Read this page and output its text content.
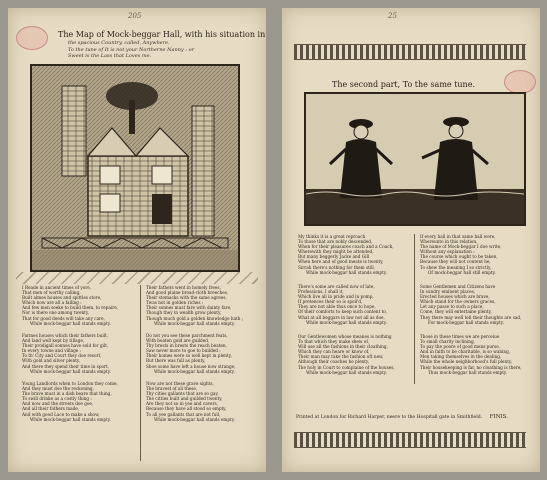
205
The Map of Mock-beggar Hall, with his situation in
the spacious Country, called, Anywhere.
To the tune of It is not your Northerne Nanny : or
Sweet is the Lass that Loves me.

I Reade in ancient times of yore,

That men of worthy calling,

Built almes houses and spittles store,

Which now are all a falling :

And few men seeke to build them, to repaire,

Nor is there one among twenty,

That for good deeds will take any care,

While mock-beggar hall stands empty.

Farmes houses which their fathers built,

And land well kept by tillage,

Their prodigall sonnes have sold for gilt,

In every towne and village :

To th' City and Court they doe resort,

With gold and silver plenty,

And there they spend their time in sport,

While mock-beggar hall stands empty.

Young Landlords when to London they come,

And they must doe the reckoning,

The brave must in a dish beare that thing,

To swill drinke as a costly thing :

And now and the streets doe goe,

And all their fathers made,

And with good Lace to make a show,

While mock-beggar hall stands empty.

Their fathers went in homely frees,

And good plaine broad-cloth breeches,

Their stomacks with the same agrees,

Twas not in golden riches :

Their sonnes must fare with dainty fare,

Though they in wealth grow plenty,

Though much gold a golden knowledge hath ;

While mock-beggar hall stands empty.

Do not you see these parchment feats,

With beaten gold are guilded,

Thy brests in brests the reach beaten,

Saw never more to goe to builded :

Their homes were so well kept in plenty,

But there was full as plenty,

Shoe some have left a house now strange,

While mock-beggar hall stands empty.

Now are not these grave sights,

The bravest of all these,

Thy cities gallants that are so gay,

The citties built and guilded twenty,

Are they not so in yee and cavers,

Because they have all stood so empty,

To all yee gallants that are not full,

While mock-beggar hall stands empty.

25
The second part, To the same tune.

My thinks it is a great reproach

To those that are nobly descended,

When for their pleasures coach and a Coach,

Wherewith they might be attended,

But many beggerly Jacke and Gill

When here and of good meate is twenty,

Sirrah there's nothing for them still,

While mock-beggar hall stands empty.

There's some are called now of late,

Professions, I shall it,

Which live all in pride and in pomp,

If pretences their so is spoil'd,

They are not able thus once to hope,

Of their comforts to keep such content to,

What at all beggars in law not all as doe,

While mock-beggar hall stands empty.

Our Gentlewomen whose meanes is nothing

To that which they make shew of,

Will use all the fashions in their cloathing,

Which they can heare or know of,

Their man may take the fashion oft new,

Although their coaches be plenty,

The holy in Court to complaine of the houses,

While mock-beggar hall stands empty.

If every hall in that same hall were,

Whereunto in this relation,

The name of Mock-beggar I doe write,

Without any explanation :

The course which ought to be taken,

Because they will not content be,

To shew the meaning I so strictly,

Of mock-beggar hall still empty.

Some Gentlemen and Citizens have

In sundry eminent places,

Erected houses which are brave,

Which stand for the owners graces,

Let any passe to such a place,

Come, they will entertaine plenty,

They there may well tell their thoughts are sad,

For mock-beggar hall stands empty.

Those in these times we are perceiue

To small charity inclining,

To pay the poore of good mens purse,

And in faith to be charitable, is so waning,

Men taking themselves in the dealing,

While the whole neighborhood's full plenty,

Their housekeeping is far, no cloathing is there,

Thus mock-beggar hall stands empty.

Printed at London for Richard Harper, neere to the Hospitall gate in Smithfield. FINIS.
